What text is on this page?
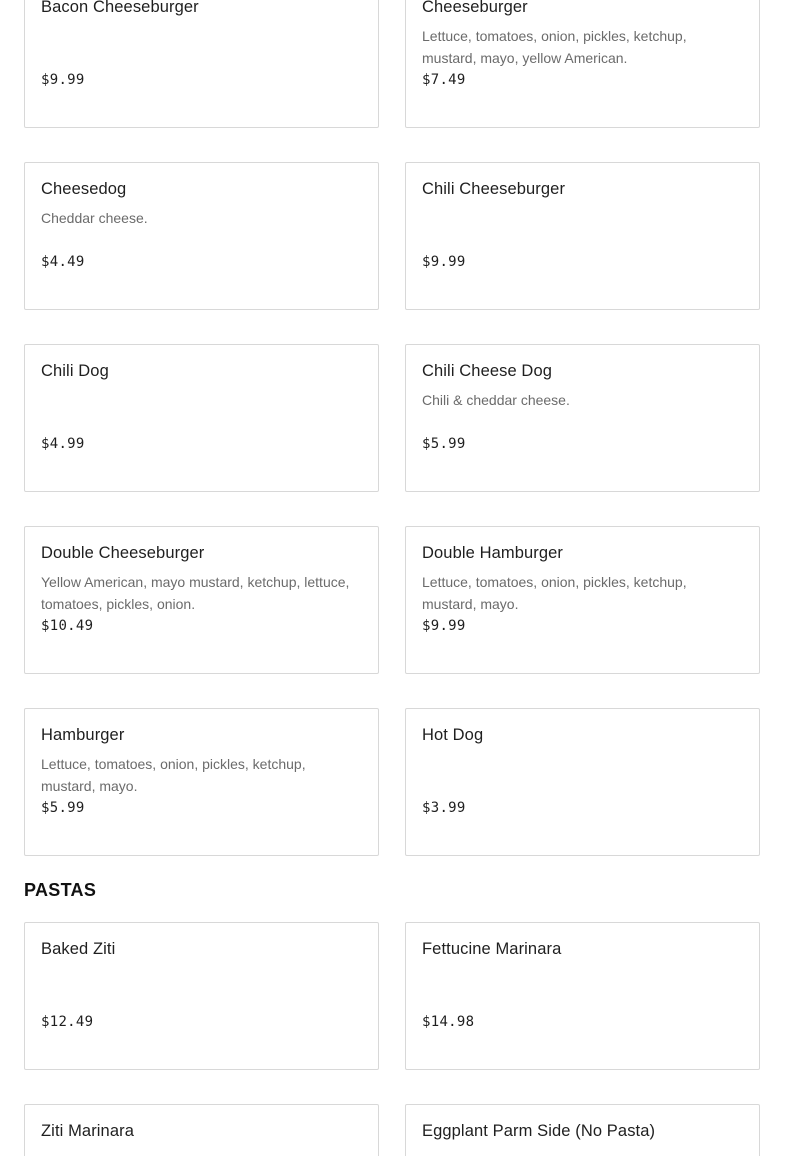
Bacon Cheeseburger
$9.99
Cheeseburger
Lettuce, tomatoes, onion, pickles, ketchup, mustard, mayo, yellow American.
$7.49
Cheesedog
Cheddar cheese.
$4.49
Chili Cheeseburger
$9.99
Chili Dog
$4.99
Chili Cheese Dog
Chili & cheddar cheese.
$5.99
Double Cheeseburger
Yellow American, mayo mustard, ketchup, lettuce, tomatoes, pickles, onion.
$10.49
Double Hamburger
Lettuce, tomatoes, onion, pickles, ketchup, mustard, mayo.
$9.99
Hamburger
Lettuce, tomatoes, onion, pickles, ketchup, mustard, mayo.
$5.99
Hot Dog
$3.99
PASTAS
Baked Ziti
$12.49
Fettucine Marinara
$14.98
Ziti Marinara	Eggplant Parm Side (No Pasta)
